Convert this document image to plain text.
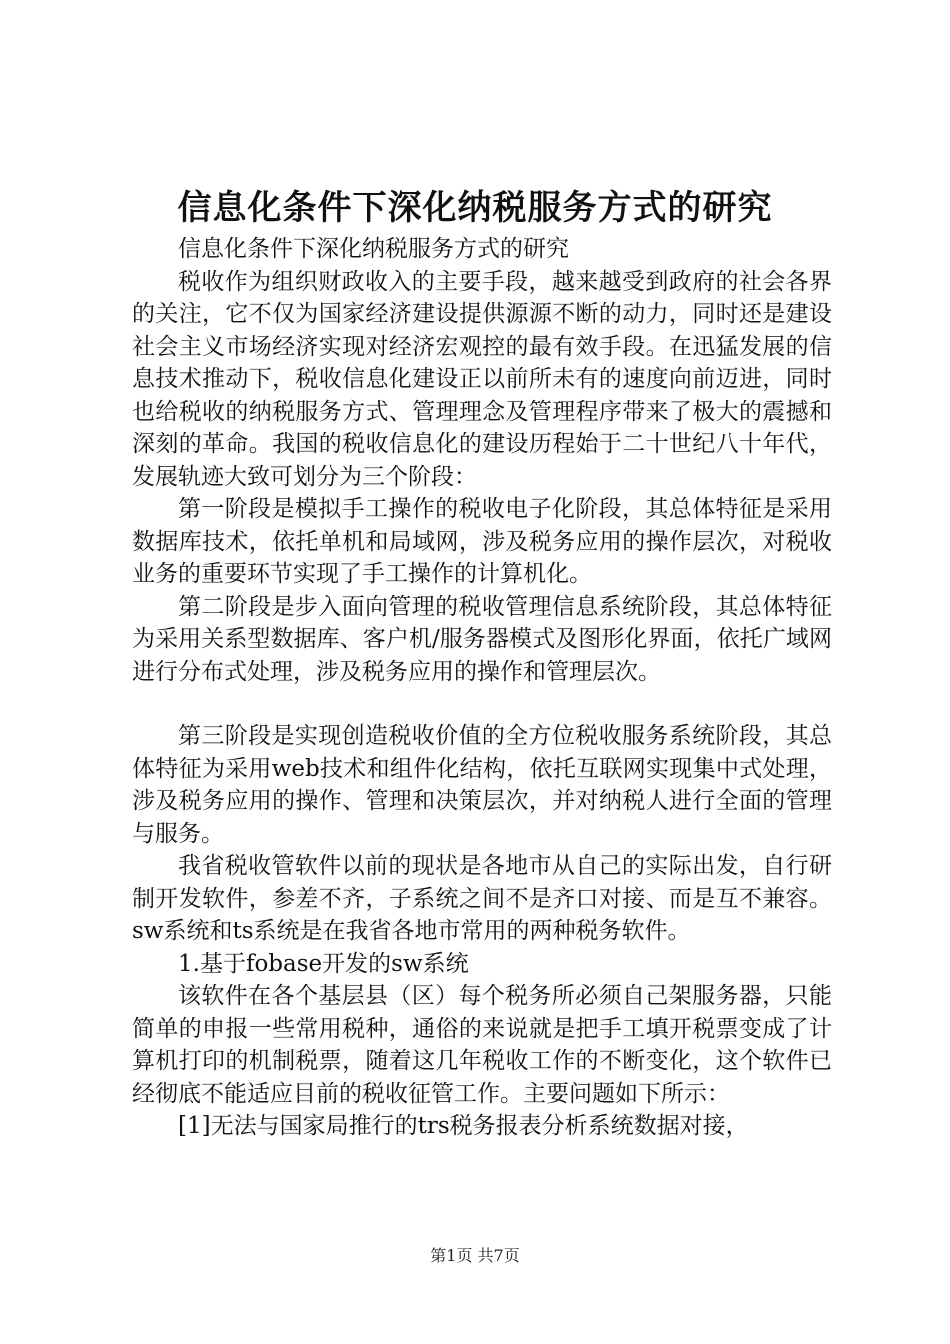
信息化条件下深化纳税服务方式的研究

信息化条件下深化纳税服务方式的研究

税收作为组织财政收入的主要手段，越来越受到政府的社会各界的关注，它不仅为国家经济建设提供源源不断的动力，同时还是建设社会主义市场经济实现对经济宏观控的最有效手段。在迅猛发展的信息技术推动下，税收信息化建设正以前所未有的速度向前迈进，同时也给税收的纳税服务方式、管理理念及管理程序带来了极大的震撼和深刻的革命。我国的税收信息化的建设历程始于二十世纪八十年代，发展轨迹大致可划分为三个阶段：

第一阶段是模拟手工操作的税收电子化阶段，其总体特征是采用数据库技术，依托单机和局域网，涉及税务应用的操作层次，对税收业务的重要环节实现了手工操作的计算机化。

第二阶段是步入面向管理的税收管理信息系统阶段，其总体特征为采用关系型数据库、客户机/服务器模式及图形化界面，依托广域网进行分布式处理，涉及税务应用的操作和管理层次。

第三阶段是实现创造税收价值的全方位税收服务系统阶段，其总体特征为采用web技术和组件化结构，依托互联网实现集中式处理，涉及税务应用的操作、管理和决策层次，并对纳税人进行全面的管理与服务。

我省税收管软件以前的现状是各地市从自己的实际出发，自行研制开发软件，参差不齐，子系统之间不是齐口对接、而是互不兼容。sw系统和ts系统是在我省各地市常用的两种税务软件。

1.基于fobase开发的sw系统

该软件在各个基层县（区）每个税务所必须自己架服务器，只能简单的申报一些常用税种，通俗的来说就是把手工填开税票变成了计算机打印的机制税票，随着这几年税收工作的不断变化，这个软件已经彻底不能适应目前的税收征管工作。主要问题如下所示：

[1]无法与国家局推行的trs税务报表分析系统数据对接，

第1页 共7页
